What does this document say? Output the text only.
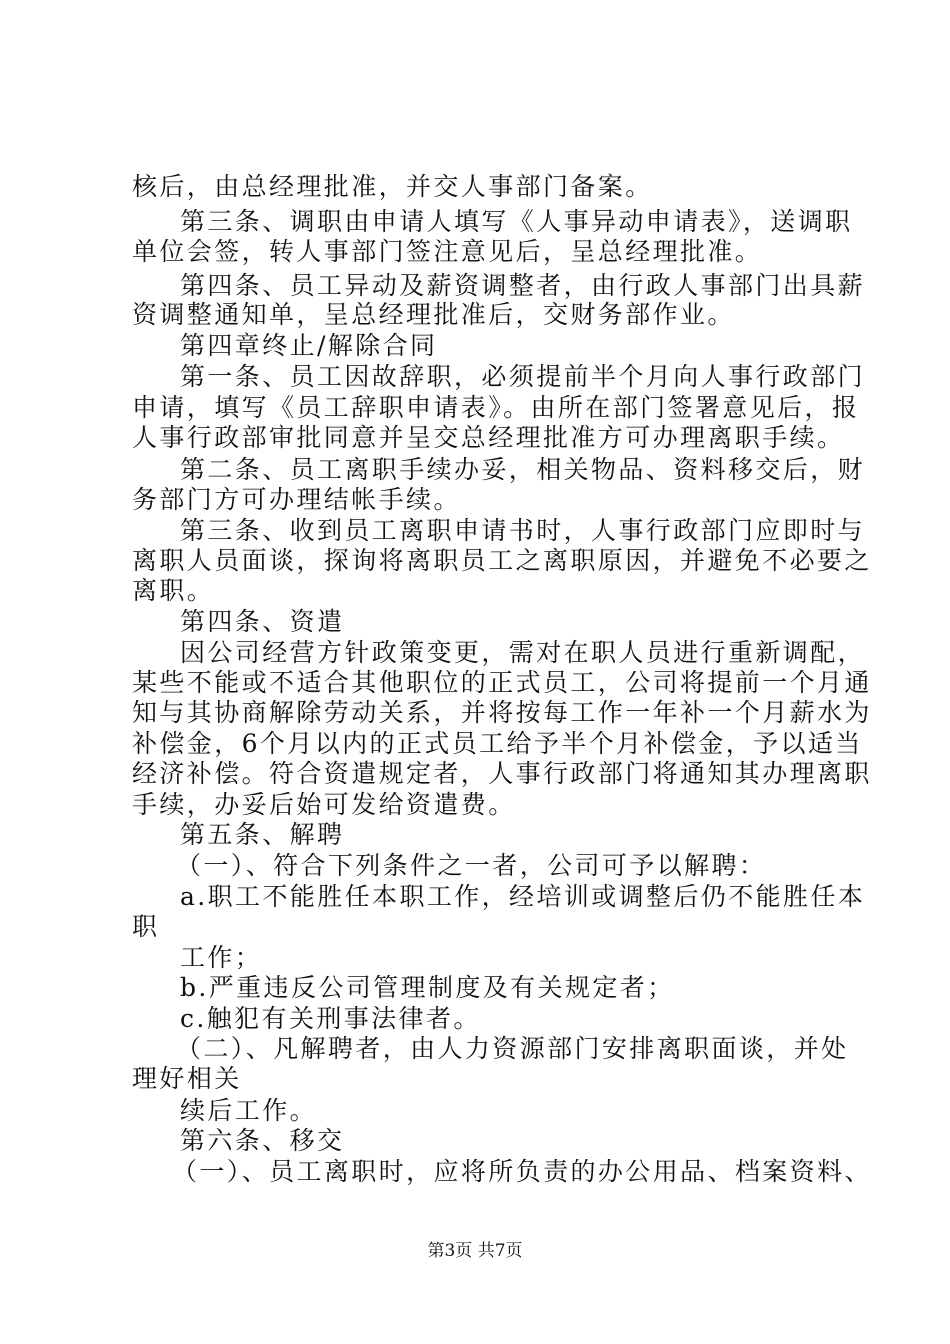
核后，由总经理批准，并交人事部门备案。
第三条、调职由申请人填写《人事异动申请表》，送调职
单位会签，转人事部门签注意见后，呈总经理批准。
第四条、员工异动及薪资调整者，由行政人事部门出具薪
资调整通知单，呈总经理批准后，交财务部作业。
第四章终止/解除合同
第一条、员工因故辞职，必须提前半个月向人事行政部门
申请，填写《员工辞职申请表》。由所在部门签署意见后，报
人事行政部审批同意并呈交总经理批准方可办理离职手续。
第二条、员工离职手续办妥，相关物品、资料移交后，财
务部门方可办理结帐手续。
第三条、收到员工离职申请书时，人事行政部门应即时与
离职人员面谈，探询将离职员工之离职原因，并避免不必要之
离职。
第四条、资遣
因公司经营方针政策变更，需对在职人员进行重新调配，
某些不能或不适合其他职位的正式员工，公司将提前一个月通
知与其协商解除劳动关系，并将按每工作一年补一个月薪水为
补偿金，6个月以内的正式员工给予半个月补偿金，予以适当
经济补偿。符合资遣规定者，人事行政部门将通知其办理离职
手续，办妥后始可发给资遣费。
第五条、解聘
（一）、符合下列条件之一者，公司可予以解聘：
a.职工不能胜任本职工作，经培训或调整后仍不能胜任本
职
工作；
b.严重违反公司管理制度及有关规定者；
c.触犯有关刑事法律者。
（二）、凡解聘者，由人力资源部门安排离职面谈，并处
理好相关
续后工作。
第六条、移交
（一）、员工离职时，应将所负责的办公用品、档案资料、
第3页 共7页
